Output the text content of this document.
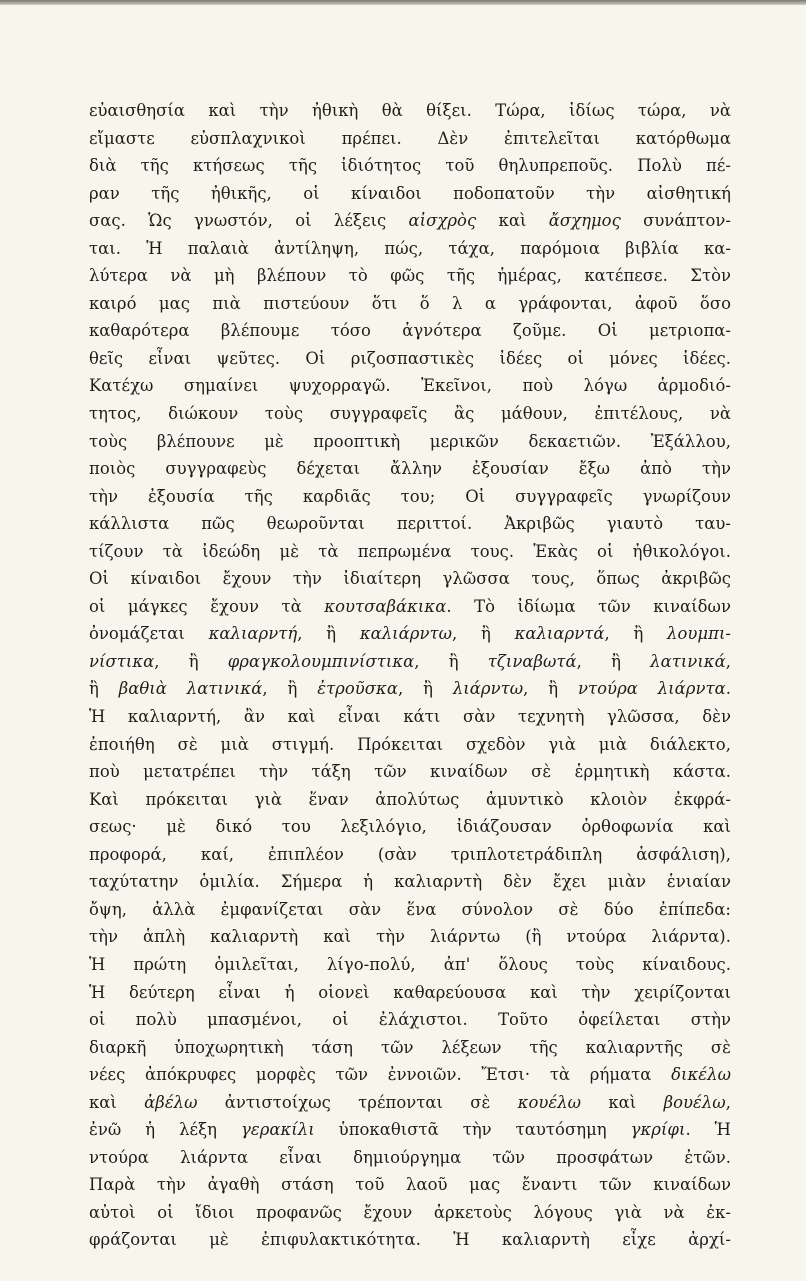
εὐαισθησία καὶ τὴν ἠθικὴ θὰ θίξει. Τώρα, ἰδίως τώρα, νὰ
εἴμαστε εὐσπλαχνικοὶ πρέπει. Δὲν ἐπιτελεῖται κατόρθωμα
διὰ τῆς κτήσεως τῆς ἰδιότητος τοῦ θηλυπρεποῦς. Πολὺ πέ-
ραν τῆς ἠθικῆς, οἱ κίναιδοι ποδοπατοῦν τὴν αἰσθητική
σας. Ὡς γνωστόν, οἱ λέξεις αἰσχρὸς καὶ ἄσχημος συνάπτον-
ται. Ἡ παλαιὰ ἀντίληψη, πώς, τάχα, παρόμοια βιβλία κα-
λύτερα νὰ μὴ βλέπουν τὸ φῶς τῆς ἡμέρας, κατέπεσε. Στὸν
καιρό μας πιὰ πιστεύουν ὅτι ὅ λ α γράφονται, ἀφοῦ ὅσο
καθαρότερα βλέπουμε τόσο ἁγνότερα ζοῦμε. Οἱ μετριοπα-
θεῖς εἶναι ψεῦτες. Οἱ ριζοσπαστικὲς ἰδέες οἱ μόνες ἰδέες.
Κατέχω σημαίνει ψυχορραγῶ. Ἐκεῖνοι, ποὺ λόγω ἁρμοδιό-
τητος, διώκουν τοὺς συγγραφεῖς ἂς μάθουν, ἐπιτέλους, νὰ
τοὺς βλέπουνε μὲ προοπτικὴ μερικῶν δεκαετιῶν. Ἐξάλλου,
ποιὸς συγγραφεὺς δέχεται ἄλλην ἐξουσίαν ἔξω ἀπὸ τὴν
τὴν ἐξουσία τῆς καρδιᾶς του; Οἱ συγγραφεῖς γνωρίζουν
κάλλιστα πῶς θεωροῦνται περιττοί. Ἀκριβῶς γιαυτὸ ταυ-
τίζουν τὰ ἰδεώδη μὲ τὰ πεπρωμένα τους. Ἑκὰς οἱ ἠθικολόγοι.
Οἱ κίναιδοι ἔχουν τὴν ἰδιαίτερη γλῶσσα τους, ὅπως ἀκριβῶς
οἱ μάγκες ἔχουν τὰ κουτσαβάκικα. Τὸ ἰδίωμα τῶν κιναίδων
ὀνομάζεται καλιαρντή, ἢ καλιάρντω, ἢ καλιαρντά, ἢ λουμπι-
νίστικα, ἢ φραγκολουμπινίστικα, ἢ τζιναβωτά, ἢ λατινικά,
ἢ βαθιὰ λατινικά, ἢ ἐτροῦσκα, ἢ λιάρντω, ἢ ντούρα λιάρντα.
Ἡ καλιαρντή, ἂν καὶ εἶναι κάτι σὰν τεχνητὴ γλῶσσα, δὲν
ἐποιήθη σὲ μιὰ στιγμή. Πρόκειται σχεδὸν γιὰ μιὰ διάλεκτο,
ποὺ μετατρέπει τὴν τάξη τῶν κιναίδων σὲ ἑρμητικὴ κάστα.
Καὶ πρόκειται γιὰ ἕναν ἀπολύτως ἀμυντικὸ κλοιὸν ἐκφρά-
σεως· μὲ δικό του λεξιλόγιο, ἰδιάζουσαν ὀρθοφωνία καὶ
προφορά, καί, ἐπιπλέον (σὰν τριπλοτετράδιπλη ἀσφάλιση),
ταχύτατην ὁμιλία. Σήμερα ἡ καλιαρντὴ δὲν ἔχει μιὰν ἑνιαίαν
ὄψη, ἀλλὰ ἐμφανίζεται σὰν ἕνα σύνολον σὲ δύο ἐπίπεδα:
τὴν ἁπλὴ καλιαρντὴ καὶ τὴν λιάρντω (ἢ ντούρα λιάρντα).
Ἡ πρώτη ὁμιλεῖται, λίγο-πολύ, ἀπ' ὅλους τοὺς κίναιδους.
Ἡ δεύτερη εἶναι ἡ οἱονεὶ καθαρεύουσα καὶ τὴν χειρίζονται
οἱ πολὺ μπασμένοι, οἱ ἐλάχιστοι. Τοῦτο ὀφείλεται στὴν
διαρκῆ ὑποχωρητικὴ τάση τῶν λέξεων τῆς καλιαρντῆς σὲ
νέες ἀπόκρυφες μορφὲς τῶν ἐννοιῶν. Ἔτσι· τὰ ρήματα δικέλω
καὶ ἀβέλω ἀντιστοίχως τρέπονται σὲ κουέλω καὶ βουέλω,
ἐνῶ ἡ λέξη γερακίλι ὑποκαθιστᾶ τὴν ταυτόσημη γκρίφι. Ἡ
ντούρα λιάρντα εἶναι δημιούργημα τῶν προσφάτων ἐτῶν.
Παρὰ τὴν ἀγαθὴ στάση τοῦ λαοῦ μας ἔναντι τῶν κιναίδων
αὐτοὶ οἱ ἴδιοι προφανῶς ἔχουν ἀρκετοὺς λόγους γιὰ νὰ ἐκ-
φράζονται μὲ ἐπιφυλακτικότητα. Ἡ καλιαρντὴ εἶχε ἀρχί-
